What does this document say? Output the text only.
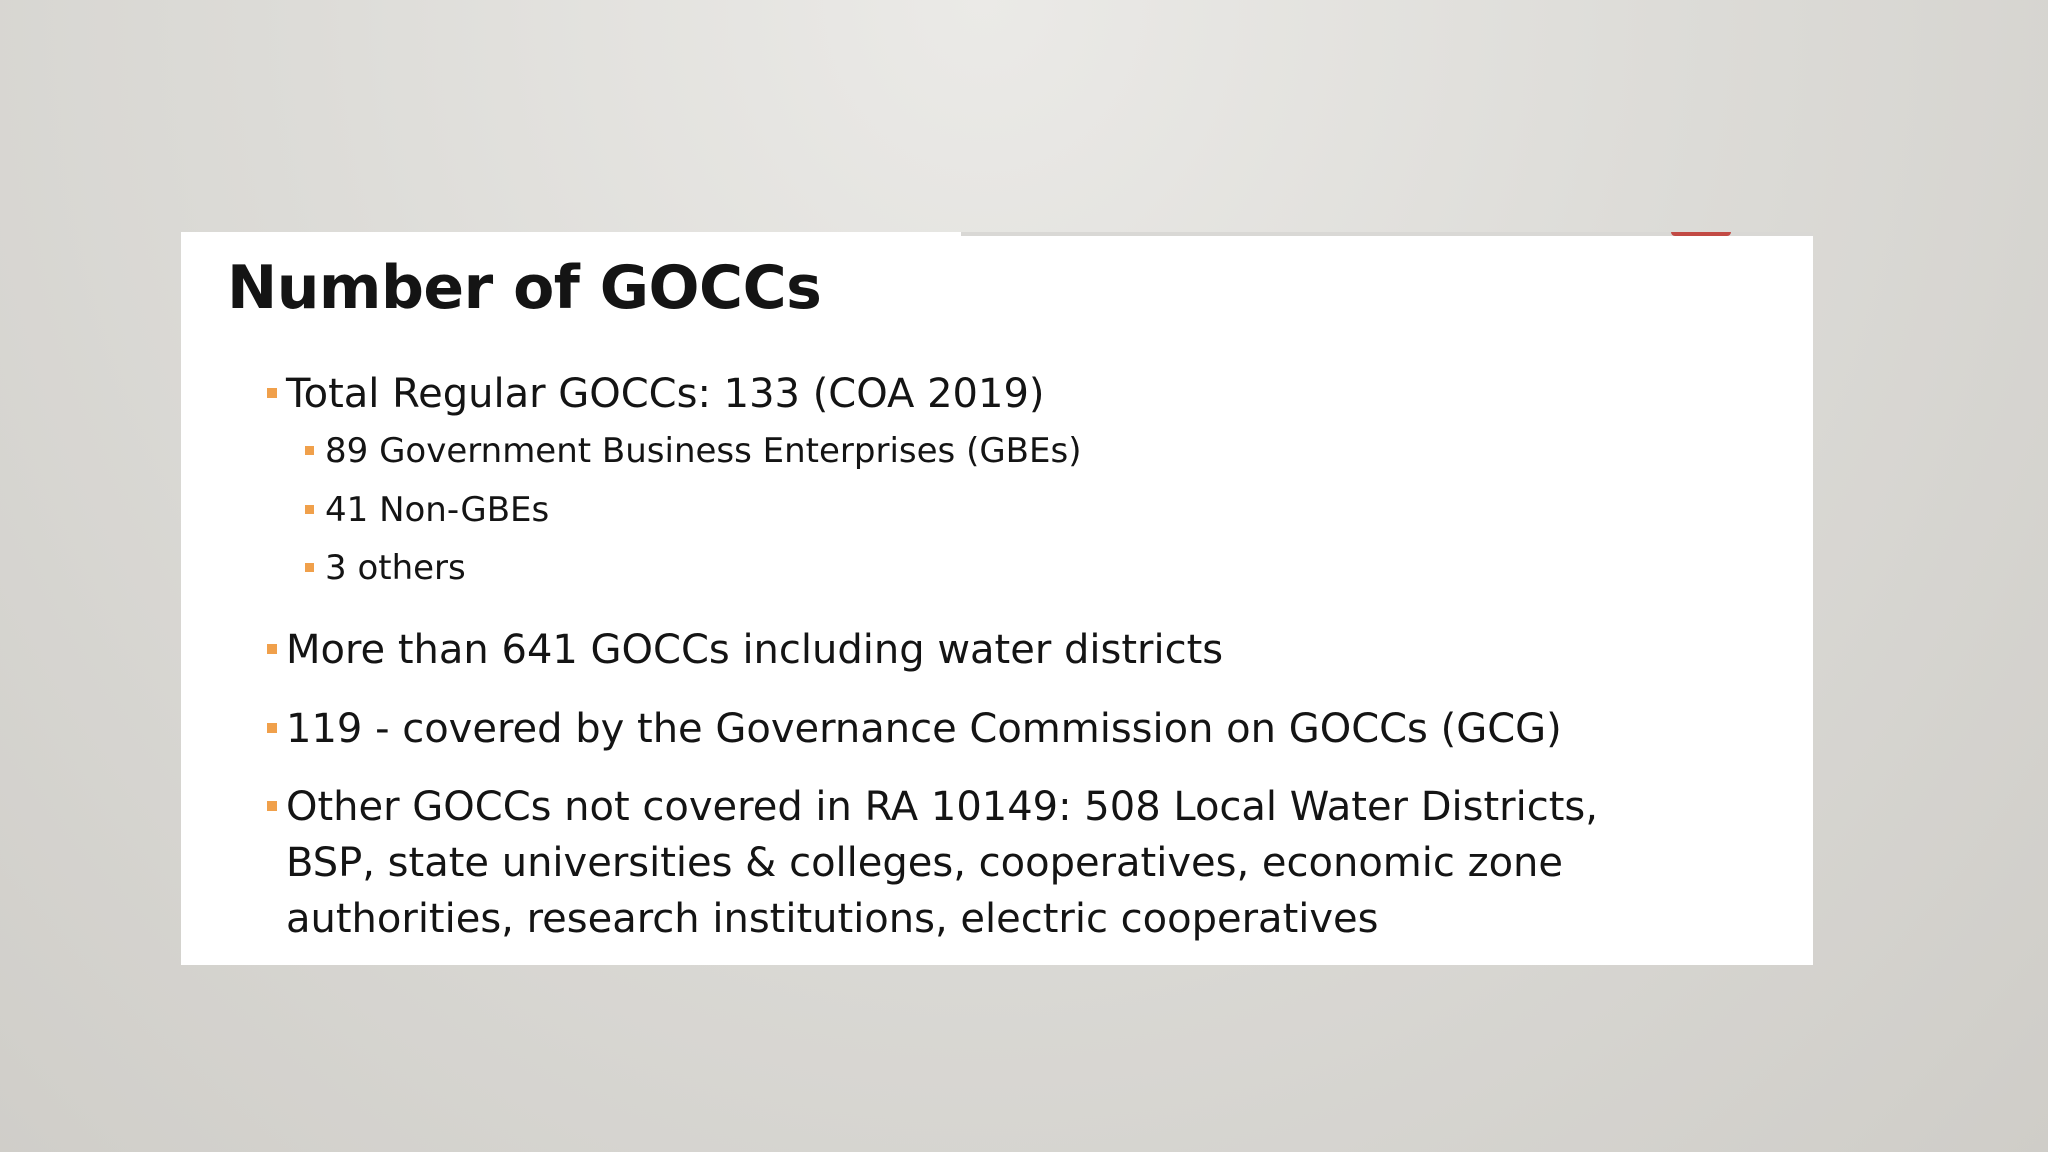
Number of GOCCs
Total Regular GOCCs: 133 (COA 2019)
89 Government Business Enterprises (GBEs)
41 Non-GBEs
3 others
More than 641 GOCCs including water districts
119 - covered by the Governance Commission on GOCCs (GCG)
Other GOCCs not covered in RA 10149: 508 Local Water Districts,
BSP, state universities & colleges, cooperatives, economic zone
authorities, research institutions, electric cooperatives
